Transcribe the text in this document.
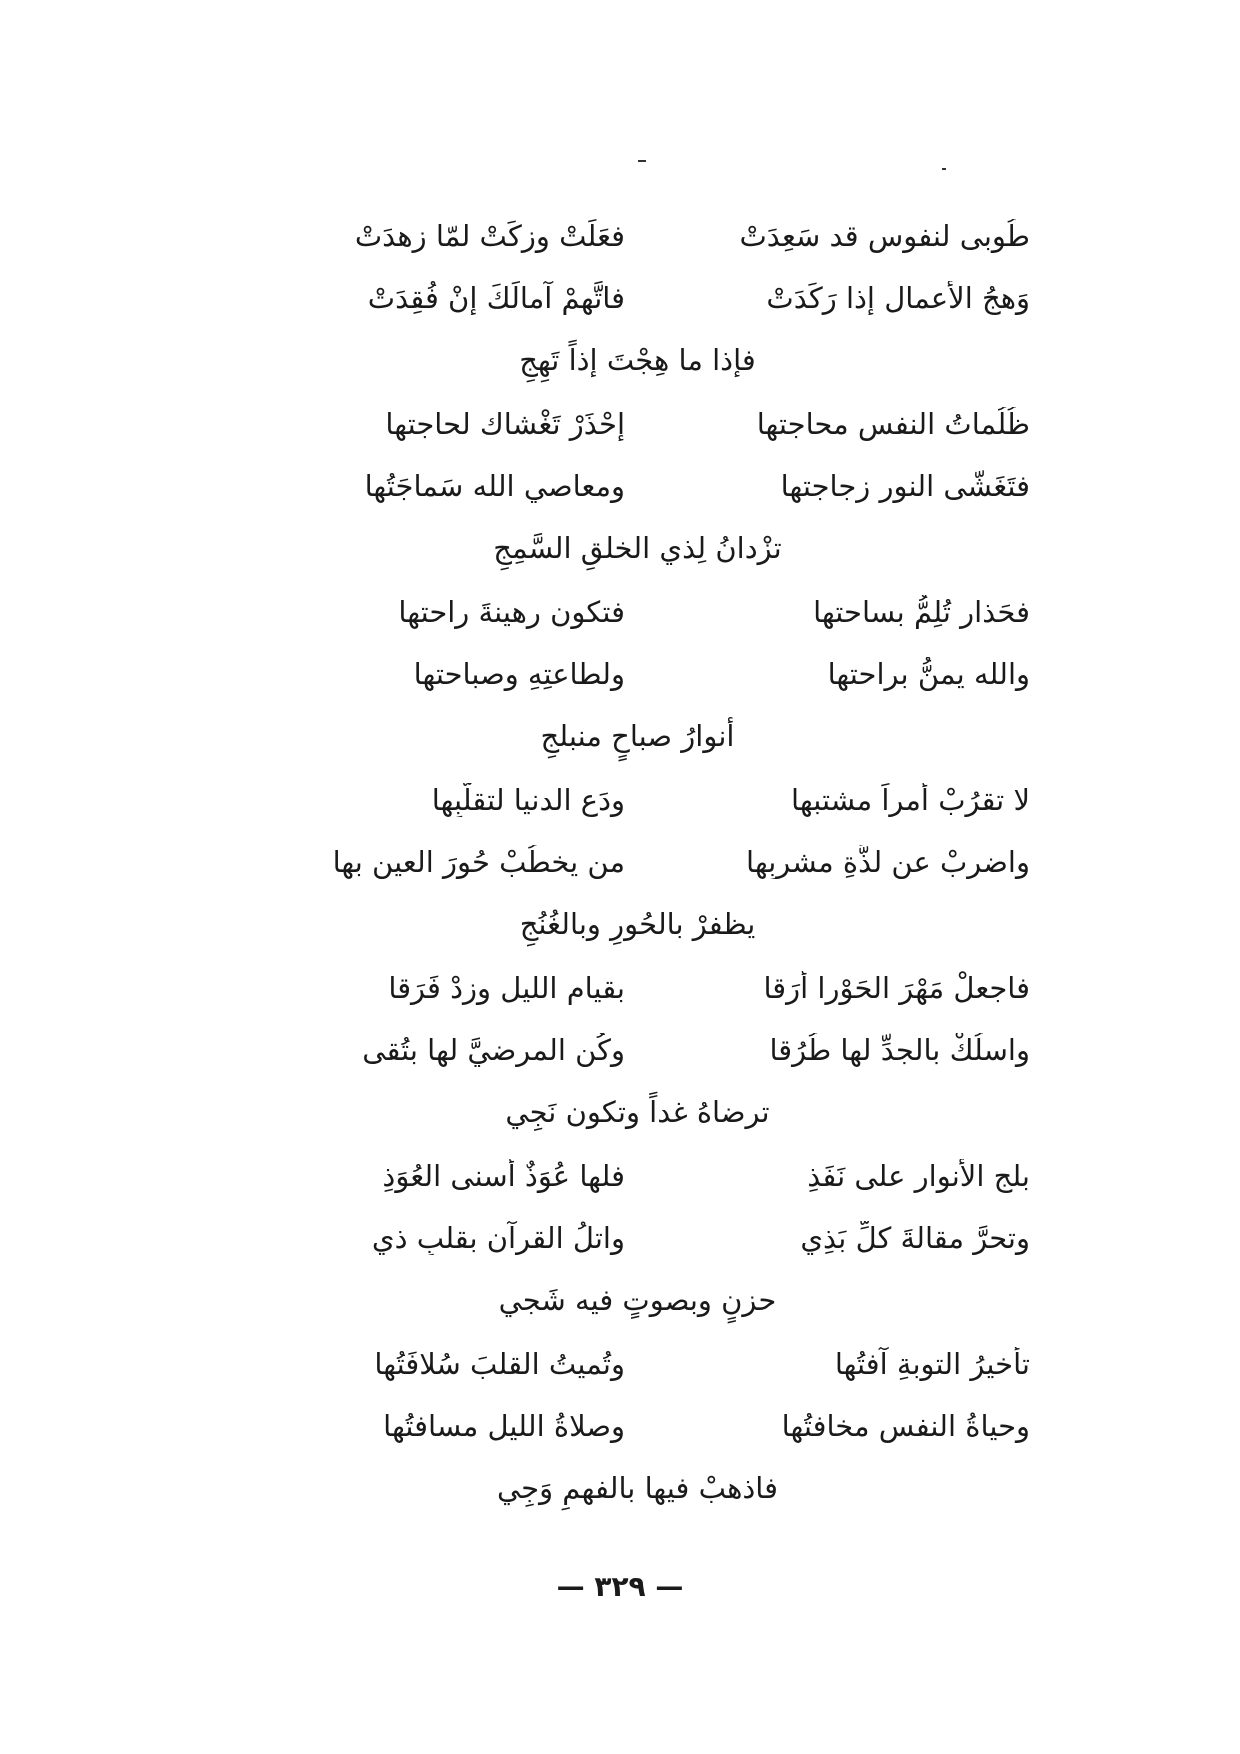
طُوبى لنفوسٍ قد سَعِدَتْ
فعَلَتْ وزكَتْ لمّا زهدَتْ
وَهجُ الأعمالِ إذا رَكَدَتْ
فاتَّهِمْ آمالَكَ إنْ فُقِدَتْ
فإذا ما هِجْتَ إذاً تَهِجِ
ظُلُماتُ النفسِ محاجتها
إحْذَرْ تَغْشاك لحاجتها
فتَغَشّى النور زجاجتها
ومعاصي الله سَماجَتُها
تزْدانُ لِذي الخلقِ السَّمِجِ
فحَذارِ تُلِمُّ بساحتها
فتكون رهينةَ راحتها
والله يمنُّ براحتها
ولطاعتِهِ وصباحتها
أنوارُ صباحٍ منبلجِ
لا تقرُبْ أمراً مشتبها
ودَعِ الدنيا لتقلُّبِها
واضربْ عن لذَّةِ مشربِها
من يخطُبْ حُورَ العينِ بها
يظفرْ بالحُورِ وبالغُنُجِ
فاجعلْ مَهْرَ الحَوْرا أرَقا
بقيامِ الليلِ وزدْ فَرَقا
واسلُكْ بالجدِّ لها طُرُقا
وكُنِ المرضيَّ لها بتُقى
ترضاهُ غداً وتكون نَجِي
بلج الأنوار على نَفَذِ
فلها عُوَذٌ أسنى العُوَذِ
وتحرَّ مقالةَ كلِّ بَذِي
واتلُ القرآن بقلبٍ ذي
حزنٍ وبصوتٍ فيه شَجي
تأخيرُ التوبةِ آفتُها
وتُميتُ القلبَ سُلافَتُها
وحياةُ النفسِ مخافتُها
وصلاةُ الليلِ مسافتُها
فاذهبْ فيها بالفهمِ وَجِي
— ٣٢٩ —
